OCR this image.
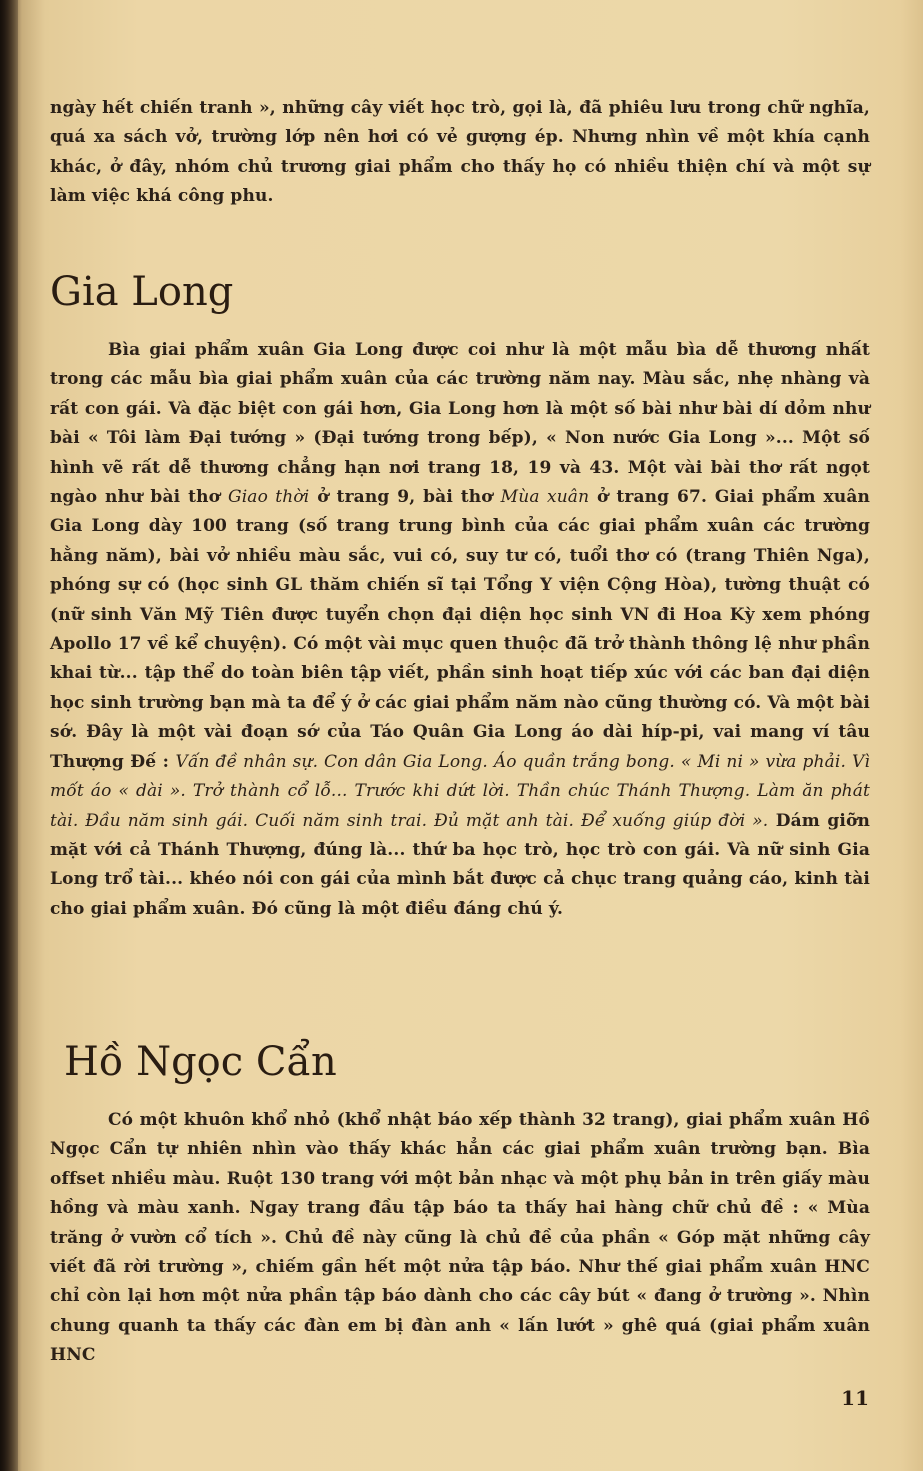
ngày hết chiến tranh », những cây viết học trò, gọi là, đã phiêu lưu trong chữ nghĩa, quá xa sách vở, trường lớp nên hơi có vẻ gượng ép. Nhưng nhìn về một khía cạnh khác, ở đây, nhóm chủ trương giai phẩm cho thấy họ có nhiều thiện chí và một sự làm việc khá công phu.

Gia Long

Bìa giai phẩm xuân Gia Long được coi như là một mẫu bìa dễ thương nhất trong các mẫu bìa giai phẩm xuân của các trường năm nay. Màu sắc, nhẹ nhàng và rất con gái. Và đặc biệt con gái hơn, Gia Long hơn là một số bài như bài dí dỏm như bài « Tôi làm Đại tướng » (Đại tướng trong bếp), « Non nước Gia Long »... Một số hình vẽ rất dễ thương chẳng hạn nơi trang 18, 19 và 43. Một vài bài thơ rất ngọt ngào như bài thơ Giao thời ở trang 9, bài thơ Mùa xuân ở trang 67. Giai phẩm xuân Gia Long dày 100 trang (số trang trung bình của các giai phẩm xuân các trường hằng năm), bài vở nhiều màu sắc, vui có, suy tư có, tuổi thơ có (trang Thiên Nga), phóng sự có (học sinh GL thăm chiến sĩ tại Tổng Y viện Cộng Hòa), tường thuật có (nữ sinh Văn Mỹ Tiên được tuyển chọn đại diện học sinh VN đi Hoa Kỳ xem phóng Apollo 17 về kể chuyện). Có một vài mục quen thuộc đã trở thành thông lệ như phần khai từ... tập thể do toàn biên tập viết, phần sinh hoạt tiếp xúc với các ban đại diện học sinh trường bạn mà ta để ý ở các giai phẩm năm nào cũng thường có. Và một bài sớ. Đây là một vài đoạn sớ của Táo Quân Gia Long áo dài híp-pi, vai mang ví tâu Thượng Đế : Vấn đề nhân sự. Con dân Gia Long. Áo quần trắng bong. « Mi ni » vừa phải. Vì mốt áo « dài ». Trở thành cổ lỗ... Trước khi dứt lời. Thần chúc Thánh Thượng. Làm ăn phát tài. Đầu năm sinh gái. Cuối năm sinh trai. Đủ mặt anh tài. Để xuống giúp đời ». Dám giỡn mặt với cả Thánh Thượng, đúng là... thứ ba học trò, học trò con gái. Và nữ sinh Gia Long trổ tài... khéo nói con gái của mình bắt được cả chục trang quảng cáo, kinh tài cho giai phẩm xuân. Đó cũng là một điều đáng chú ý.

Hồ Ngọc Cẩn

Có một khuôn khổ nhỏ (khổ nhật báo xếp thành 32 trang), giai phẩm xuân Hồ Ngọc Cẩn tự nhiên nhìn vào thấy khác hẳn các giai phẩm xuân trường bạn. Bìa offset nhiều màu. Ruột 130 trang với một bản nhạc và một phụ bản in trên giấy màu hồng và màu xanh. Ngay trang đầu tập báo ta thấy hai hàng chữ chủ đề : « Mùa trăng ở vườn cổ tích ». Chủ đề này cũng là chủ đề của phần « Góp mặt những cây viết đã rời trường », chiếm gần hết một nửa tập báo. Như thế giai phẩm xuân HNC chỉ còn lại hơn một nửa phần tập báo dành cho các cây bút « đang ở trường ». Nhìn chung quanh ta thấy các đàn em bị đàn anh « lấn lướt » ghê quá (giai phẩm xuân HNC

11
